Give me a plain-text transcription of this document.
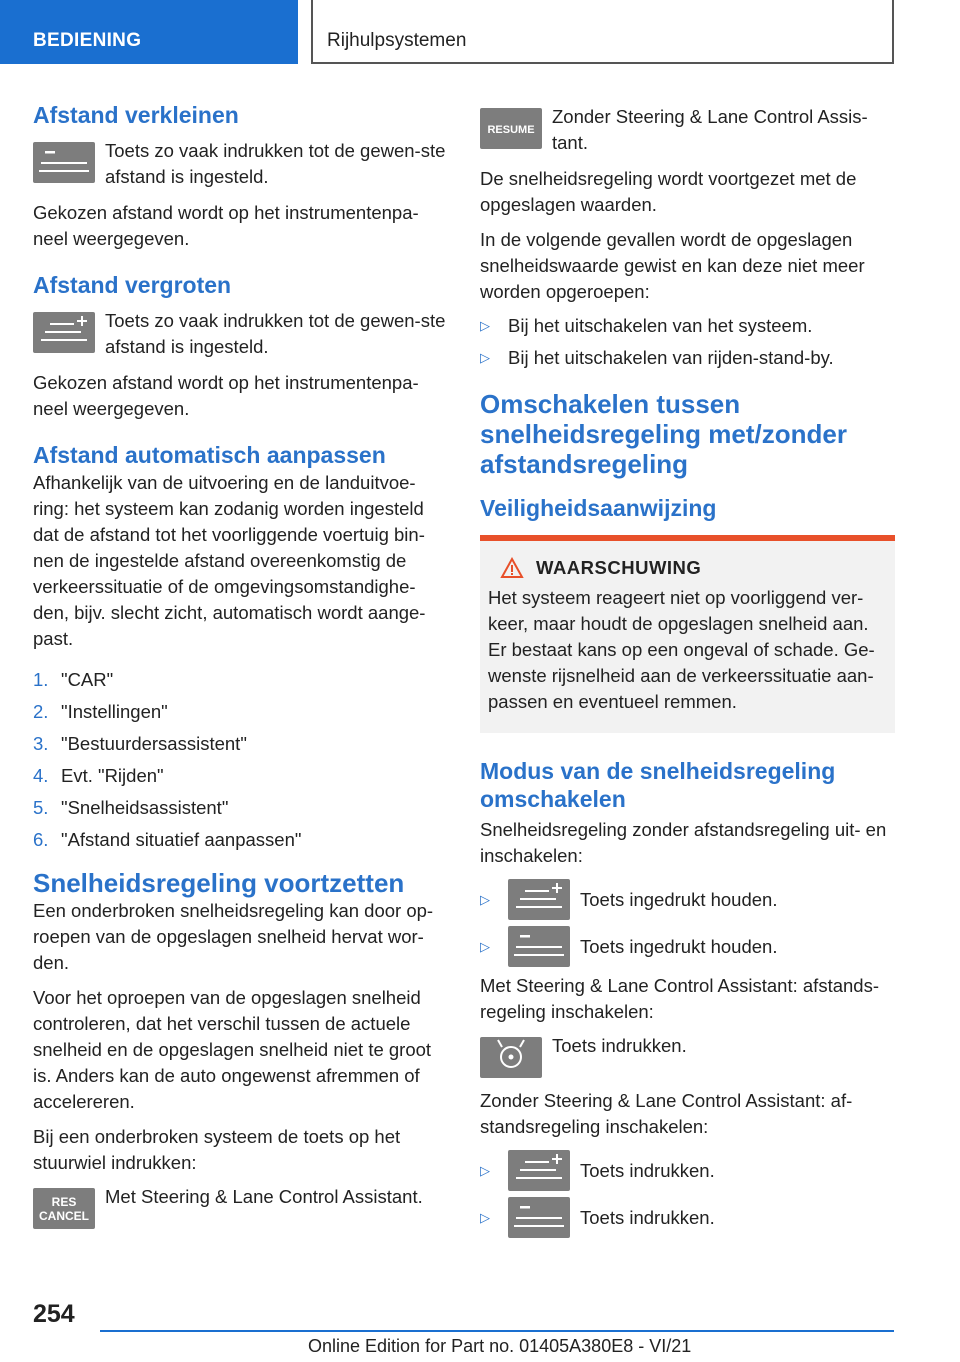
BEDIENING	Rijhulpsystemen
Afstand verkleinen

Toets zo vaak indrukken tot de gewen-ste afstand is ingesteld.

Gekozen afstand wordt op het instrumentenpa-neel weergegeven.

Afstand vergroten

Toets zo vaak indrukken tot de gewen-ste afstand is ingesteld.

Gekozen afstand wordt op het instrumentenpa-neel weergegeven.

Afstand automatisch aanpassen

Afhankelijk van de uitvoering en de landuitvoe-ring: het systeem kan zodanig worden ingesteld dat de afstand tot het voorliggende voertuig bin-nen de ingestelde afstand overeenkomstig de verkeerssituatie of de omgevingsomstandighe-den, bijv. slecht zicht, automatisch wordt aange-past.

1. "CAR"
2. "Instellingen"
3. "Bestuurdersassistent"
4. Evt. "Rijden"
5. "Snelheidsassistent"
6. "Afstand situatief aanpassen"
Snelheidsregeling voortzetten

Een onderbroken snelheidsregeling kan door op-roepen van de opgeslagen snelheid hervat wor-den.

Voor het oproepen van de opgeslagen snelheid controleren, dat het verschil tussen de actuele snelheid en de opgeslagen snelheid niet te groot is. Anders kan de auto ongewenst afremmen of accelereren.

Bij een onderbroken systeem de toets op het stuurwiel indrukken:

RES
CANCEL

Met Steering & Lane Control Assistant.

RESUME

Zonder Steering & Lane Control Assis-tant.

De snelheidsregeling wordt voortgezet met de opgeslagen waarden.

In de volgende gevallen wordt de opgeslagen snelheidswaarde gewist en kan deze niet meer worden opgeroepen:

▷ Bij het uitschakelen van het systeem.
▷ Bij het uitschakelen van rijden-stand-by.
Omschakelen tussen snelheidsregeling met/zonder afstandsregeling
Veiligheidsaanwijzing
WAARSCHUWING

Het systeem reageert niet op voorliggend ver-keer, maar houdt de opgeslagen snelheid aan. Er bestaat kans op een ongeval of schade. Ge-wenste rijsnelheid aan de verkeerssituatie aan-passen en eventueel remmen.

Modus van de snelheidsregeling omschakelen

Snelheidsregeling zonder afstandsregeling uit- en inschakelen:

▷	Toets ingedrukt houden.
▷	Toets ingedrukt houden.

Met Steering & Lane Control Assistant: afstands-regeling inschakelen:

Toets indrukken.

Zonder Steering & Lane Control Assistant: af-standsregeling inschakelen:

▷	Toets indrukken.
▷	Toets indrukken.
254
Online Edition for Part no. 01405A380E8 - VI/21
